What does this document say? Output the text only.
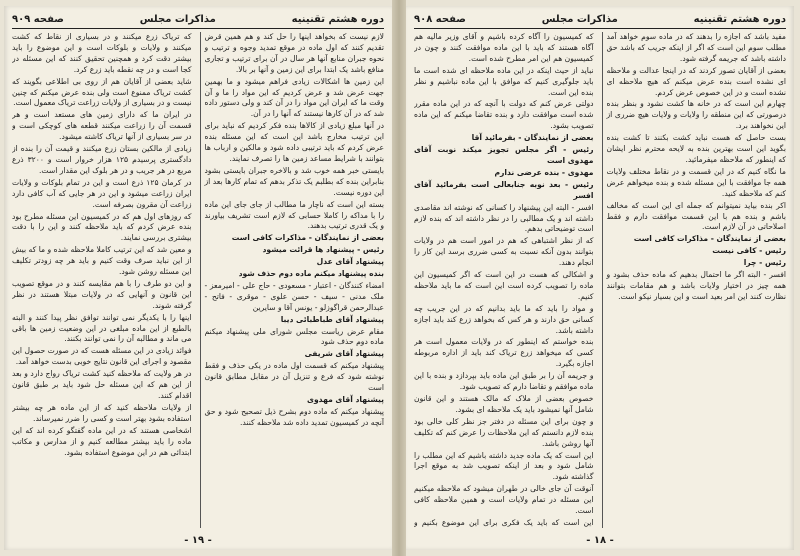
دوره هشتم تقنینیه
مذاکرات مجلس
صفحه ۹۰۹

لازم نیست که بخواهد اینها را حل کند و هم همین قرض تقدیم کنند که اول ماده در موقع تمدید وجوه و ترتیب و نحوه جبران منابع آنها هر سال در آن برای ترتیب و تجاری منافع باشد یک ابتدا برای این زمین و آنها بر بالا.

این زمین ها اشکالات زیادی فراهم میشود و ما بهمین جهت عرض شد و عرض کردیم که این مواد را ما و آن وقت ما که ایران این مواد را در آن کند و ولی دستور داده شد که در آن کارها نیستند که آنها را در آن.

در آنها مبلغ زیادی از کالاها بنده فکر کردیم که نباید برای این ترتیب مخارج باشد این است که این مسئله بنده عرض کردم که باید ترتیبی داده شود و مالکین و ارباب ها بتوانند با شرایط مساعد زمین ها را تصرف نمایند.

بایستی خبر همه خوب شد و بالاخره جبران بایستی بشود بنابراین بنده که بطلبم یک تذکر بدهم که تمام کارها بعد از این دوره نیست.

بسته این است که ناچار ما مطالب از جای جای این ماده را با مداکه را کاملا حسابی که لازم است تشریف بیاورند و یک قدری ترتیب بدهند.

بعضی از نمایندگان - مذاکرات کافی است

رئیس - پیشنهاد ها قرائت میشود

پیشنهاد آقای عدل

بنده پیشنهاد میکنم ماده دوم حذف شود

امضاء کنندگان - اعتبار - مسعودی - حاج علی - امیرمعز - ملک مدنی - سیف - حسن علوی - موقری - فاتح - عبدالرحمن قراگوزلو - یونس آقا و سایرین

پیشنهاد آقای طباطبائی دیبا

مقام عرض ریاست مجلس شورای ملی پیشنهاد میکنم ماده دوم حذف شود

پیشنهاد آقای شریفی

پیشنهاد میکنم که قسمت اول ماده در یکی حذف و فقط نوشته شود که فرع و تنزیل آن در مقابل مطابق قانون است

پیشنهاد آقای مهدوی

پیشنهاد میکنم که ماده دوم بشرح ذیل تصحیح شود و حق آنچه در کمیسیون تمدید داده شد ملاحظه کنند.

که تریاک زرع میکنند و در بسیاری از نقاط که کشت میکنند و ولایات و بلوکات است و این موضوع را باید بیشتر دقت کرد و همچنین تحقیق کنند که این مسئله در کجا است و در چه نقطه باید زرع کرد.

شاید بعضی از آقایان هم از روی بی اطلاعی بگویند که کشت تریاک ممنوع است ولی بنده عرض میکنم که چنین نیست و در بسیاری از ولایات زراعت تریاک معمول است.

در ایران ما که دارای زمین های مستعد است و هر قسمت آن را زراعت میکنند قطعه های کوچکی است و در سر بسیاری از آنها تریاک کاشته میشود.

زیادی از مالکین بستان زرع میکنند و قیمت آن را بنده از دادگستری پرسیدم ۱۲۵ هزار خروار است و ۳۲۰۰ ذرع مربع در هر جریب و در هر بلوک این مقدار است.

در کرمان ۱۲۵ ذرع است و این در تمام بلوکات و ولایات ایران زراعت میشود و این در هر جایی که آب کافی دارد زراعت آن مقرون بصرفه است.

که روزهای اول هم که در کمیسیون این مسئله مطرح بود بنده عرض کردم که باید ملاحظه کنند و این را با دقت بیشتری بررسی نمایند.

و معین شد که این ترتیب کاملا ملاحظه شده و ما که بیش از این نباید صرف وقت کنیم و باید هر چه زودتر تکلیف این مسئله روشن شود.

و این دو طرف را با هم مقایسه کنند و در موقع تصویب این قانون و آنهایی که در ولایات مبتلا هستند در نظر گرفته شوند.

اینها را با یکدیگر نمی توانند توافق نظر پیدا کنند و البته بالطبع از این ماده مبلغی در این وضعیت زمین ها باقی می ماند و مطالبه آن را نمی توانند بکنند.

فوائد زیادی در این مسئله هست که در صورت حصول این مقصود و اجرای این قانون نتایج خوبی بدست خواهد آمد.

در هر ولایت که ملاحظه کنید کشت تریاک رواج دارد و بعد از این هم که این مسئله حل شود باید بر طبق قانون اقدام کنند.

از ولایات ملاحظه کنید که از این ماده هر چه بیشتر استفاده بشود بهتر است و کسی را ضرر نمیرساند.

اشخاصی هستند که در این ماده گفتگو کرده اند که این ماده را باید بیشتر مطالعه کنیم و از مدارس و مکاتب ابتدائی هم در این موضوع استفاده بشود.

- ۱۹ -
دوره هشتم تقنینیه
مذاکرات مجلس
صفحه ۹۰۸

مفید باشد که اجازه را بدهند که در ماده سوم خواهد آمد مطلب سوم این است که اگر از اینکه جریب که باشد حق داشته باشد که جریمه گرفته شود.

بعضی از آقایان تصور کردند که در اینجا عدالت و ملاحظه ای نشده است بنده عرض میکنم که هیچ ملاحظه ای نشده است و در این خصوص عرض کردم.

چهارم این است که در خانه ها کشت نشود و بنظر بنده درصورتی که این منطقه را ولایات و ولایات هیچ ضرری از این نخواهند برد.

بست حاصل که هست نباید کشت بکنند تا کشت بنده بگوید این است بهترین بنده به لایحه محترم نظر ایشان که اینطور که ملاحظه میفرمائید.

ما نگاه کنیم که در این قسمت و در نقاط مختلف ولایات همه جا موافقت با این مسئله شده و بنده میخواهم عرض کنم که ملاحظه کنید.

اکر بنده بیاید نمیتوانم که جمله ای این است که مخالف باشم و بنده هم با این قسمت موافقت دارم و فقط اصلاحاتی در آن لازم است.

بعضی از نمایندگان - مذاکرات کافی است

رئیس - کافی نیست

رئیس - چرا

افسر - البته اگر ما احتمال بدهیم که ماده حذف بشود و همه چیز در اختیار ولایات باشد و هم مقامات بتوانند نظارت کنند این امر بعید است و این بسیار نیکو است.

که کمیسیون را آگاه کرده باشیم و آقای وزیر مالیه هم آگاه هستند که باید با این ماده موافقت کنند و چون در کمیسیون هم این امر مطرح شده است.

نباید از حیث اینکه در این ماده ملاحظه ای شده است ما باید جلوگیری کنیم که موافق با این ماده نباشیم و نظر بنده این است.

دولتی عرض کنم که دولت با آنچه که در این ماده مقرر شده است موافقت دارد و بنده تقاضا میکنم که این ماده تصویب بشود.

بعضی از نمایندگان - بفرمائید آقا

رئیس - اگر مجلس تجویز میکند نوبت آقای مهدوی است

مهدوی - بنده عرضی ندارم

رئیس - بعد نوبه جنابعالی است بفرمائید آقای افسر

افسر - البته این پیشنهاد را کسانی که نوشته اند مقاصدی داشته اند و یک مطالبی را در نظر داشته اند که بنده لازم است توضیحاتی بدهم.

که از نظر اشتباهی که هم در امور است هم در ولایات بتوانند بدون آنکه نسبت به کسی ضرری برسد این کار را انجام دهند.

و اشکالی که هست در این است که اگر کمیسیون این ماده را تصویب کرده است این است که ما باید ملاحظه کنیم.

و مواد را باید که ما باید بدانیم که در این جریب چه کسانی حق دارند و هر کس که بخواهد زرع کند باید اجازه داشته باشد.

بنده خواستم که اینطور که در ولایات معمول است هر کسی که میخواهد زرع تریاک کند باید از اداره مربوطه اجازه بگیرد.

و جریمه آن را بر طبق این ماده باید بپردازد و بنده با این ماده موافقم و تقاضا دارم که تصویب شود.

خصوص بعضی از ملاک که مالک هستند و این قانون شامل آنها نمیشود باید یک ملاحظه ای بشود.

و چون برای این مسئله در دفتر جز نظر کلی خالی بود بنده لازم دانستم که این ملاحظات را عرض کنم که تکلیف آنها روشن باشد.

این است که یک ماده جدید داشته باشیم که این مطلب را شامل شود و بعد از اینکه تصویب شد به موقع اجرا گذاشته شود.

آنوقت آن جای خالی در طهران میشود که ملاحظه میکنیم این مسئله در تمام ولایات است و همین ملاحظه کافی است.

این است که باید یک فکری برای این موضوع بکنیم و

- ۱۸ -
